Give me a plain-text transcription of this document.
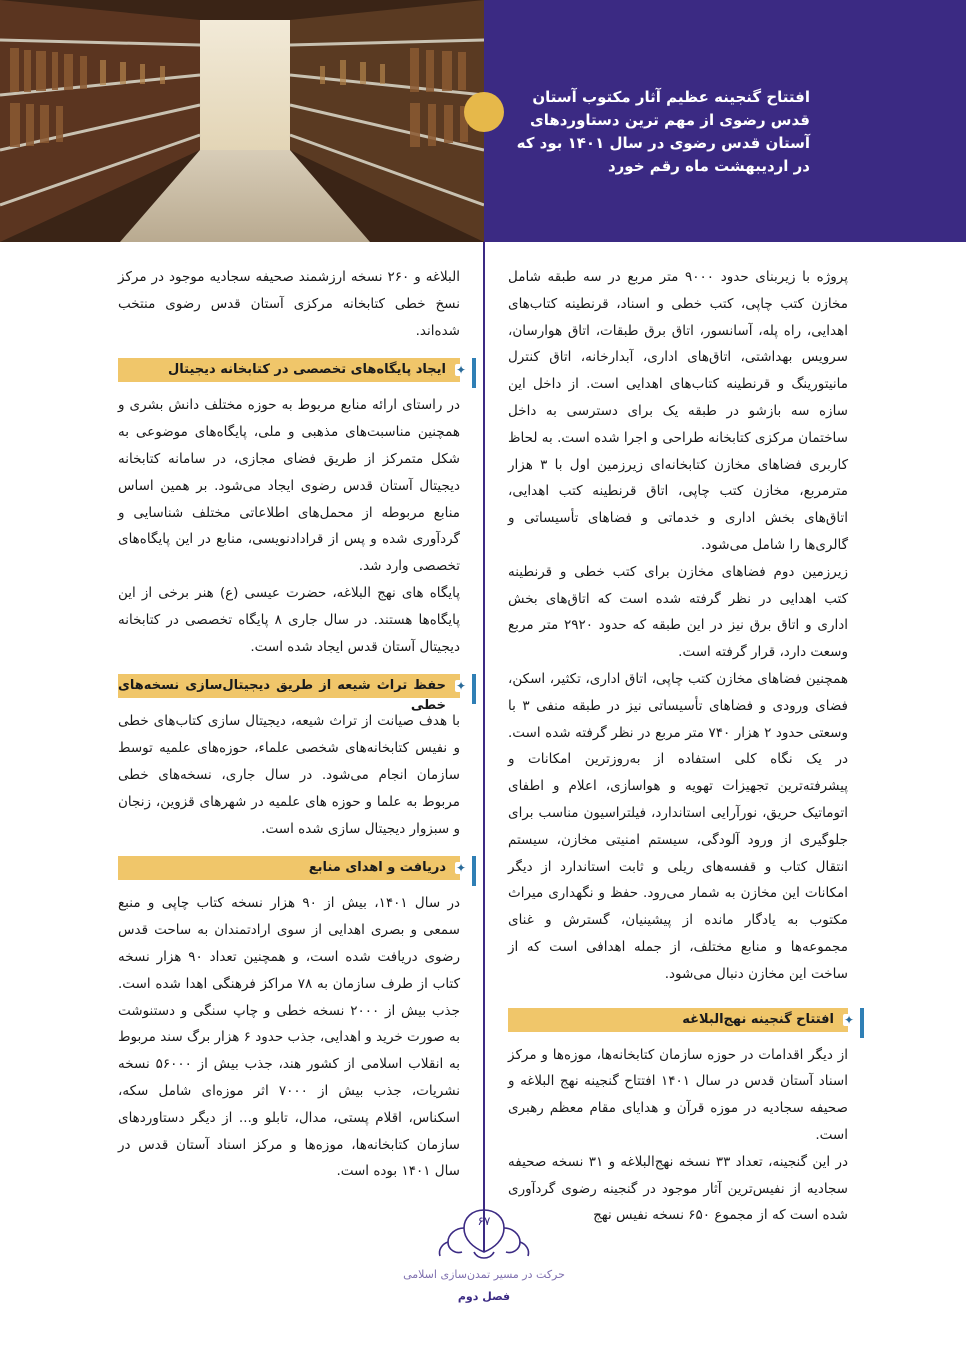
افتتاح گنجینه عظیم آثار مکتوب آستان قدس رضوی از مهم ترین دستاوردهای آستان قدس رضوی در سال ۱۴۰۱ بود که در اردیبهشت ماه رقم خورد

پروژه با زیربنای حدود ۹۰۰۰ متر مربع در سه طبقه شامل مخازن کتب چاپی، کتب خطی و اسناد، قرنطینه کتاب‌های اهدایی، راه پله، آسانسور، اتاق برق طبقات، اتاق هوارسان، سرویس بهداشتی، اتاق‌های اداری، آبدارخانه، اتاق کنترل مانیتورینگ و قرنطینه کتاب‌های اهدایی است. از داخل این سازه سه بازشو در طبقه یک برای دسترسی به داخل ساختمان مرکزی کتابخانه طراحی و اجرا شده است. به لحاظ کاربری فضاهای مخازن کتابخانه‌ای زیرزمین اول با ۳ هزار مترمربع، مخازن کتب چاپی، اتاق قرنطینه کتب اهدایی، اتاق‌های بخش اداری و خدماتی و فضاهای تأسیساتی و گالری‌ها را شامل می‌شود.

زیرزمین دوم فضاهای مخازن برای کتب خطی و قرنطینه کتب اهدایی در نظر گرفته شده است که اتاق‌های بخش اداری و اتاق برق نیز در این طبقه که حدود ۲۹۲۰ متر مربع وسعت دارد، قرار گرفته است.

همچنین فضاهای مخازن کتب چاپی، اتاق اداری، تکثیر، اسکن، فضای ورودی و فضاهای تأسیساتی نیز در طبقه منفی ۳ با وسعتی حدود ۲ هزار ۷۴۰ متر مربع در نظر گرفته شده است. در یک نگاه کلی استفاده از به‌روزترین امکانات و پیشرفته‌ترین تجهیزات تهویه و هواسازی، اعلام و اطفای اتوماتیک حریق، نورآرایی استاندارد، فیلتراسیون مناسب برای جلوگیری از ورود آلودگی، سیستم امنیتی مخازن، سیستم انتقال کتاب و قفسه‌های ریلی و ثابت استاندارد از دیگر امکانات این مخازن به شمار می‌رود. حفظ و نگهداری میراث مکتوب به یادگار مانده از پیشینیان، گسترش و غنای مجموعه‌ها و منابع مختلف، از جمله اهدافی است که از ساخت این مخازن دنبال می‌شود.

✦
افتتاح گنجینه نهج‌البلاغه

از دیگر اقدامات در حوزه سازمان کتابخانه‌ها، موزه‌ها و مرکز اسناد آستان قدس در سال ۱۴۰۱ افتتاح گنجینه نهج البلاغه و صحیفه سجادیه در موزه قرآن و هدایای مقام معظم رهبری است.

در این گنجینه، تعداد ۳۳ نسخه نهج‌البلاغه و ۳۱ نسخه صحیفه سجادیه از نفیس‌ترین آثار موجود در گنجینه رضوی گردآوری شده است که از مجموع ۶۵۰ نسخه نفیس نهج

البلاغه و ۲۶۰ نسخه ارزشمند صحیفه سجادیه موجود در مرکز نسخ خطی کتابخانه مرکزی آستان قدس رضوی منتخب شده‌اند.

✦
ایجاد پایگاه‌های تخصصی در کتابخانه دیجیتال

در راستای ارائه منابع مربوط به حوزه مختلف دانش بشری و همچنین مناسبت‌های مذهبی و ملی، پایگاه‌های موضوعی به شکل متمرکز از طریق فضای مجازی، در سامانه کتابخانه دیجیتال آستان قدس رضوی ایجاد می‌شود. بر همین اساس منابع مربوطه از محمل‌های اطلاعاتی مختلف شناسایی و گردآوری شده و پس از قرادادنویسی، منابع در این پایگاه‌های تخصصی وارد شد.

پایگاه های نهج البلاغه، حضرت عیسی (ع) هنر برخی از این پایگاه‌ها هستند. در سال جاری ۸ پایگاه تخصصی در کتابخانه دیجیتال آستان قدس ایجاد شده است.

✦
حفظ تراث شیعه از طریق دیجیتال‌سازی نسخه‌های خطی

با هدف صیانت از تراث شیعه، دیجیتال سازی کتاب‌های خطی و نفیس کتابخانه‌های شخصی علماء، حوزه‌های علمیه توسط سازمان انجام می‌شود. در سال جاری، نسخه‌های خطی مربوط به علما و حوزه های علمیه در شهرهای قزوین، زنجان و سبزوار دیجیتال سازی شده است.

✦
دریافت و اهدای منابع

در سال ۱۴۰۱، بیش از ۹۰ هزار نسخه کتاب چاپی و منبع سمعی و بصری اهدایی از سوی ارادتمندان به ساحت قدس رضوی دریافت شده است، و همچنین تعداد ۹۰ هزار نسخه کتاب از طرف سازمان به ۷۸ مراکز فرهنگی اهدا شده است. جذب بیش از ۲۰۰۰ نسخه خطی و چاپ سنگی و دستنوشت به صورت خرید و اهدایی، جذب حدود ۶ هزار برگ سند مربوط به انقلاب اسلامی از کشور هند، جذب بیش از ۵۶۰۰۰ نسخه نشریات، جذب بیش از ۷۰۰۰ اثر موزه‌ای شامل سکه، اسکناس، اقلام پستی، مدال، تابلو و... از دیگر دستاوردهای سازمان کتابخانه‌ها، موزه‌ها و مرکز اسناد آستان قدس در سال ۱۴۰۱ بوده است.

۶۷
حرکت در مسیر تمدن‌سازی اسلامی
فصل دوم
